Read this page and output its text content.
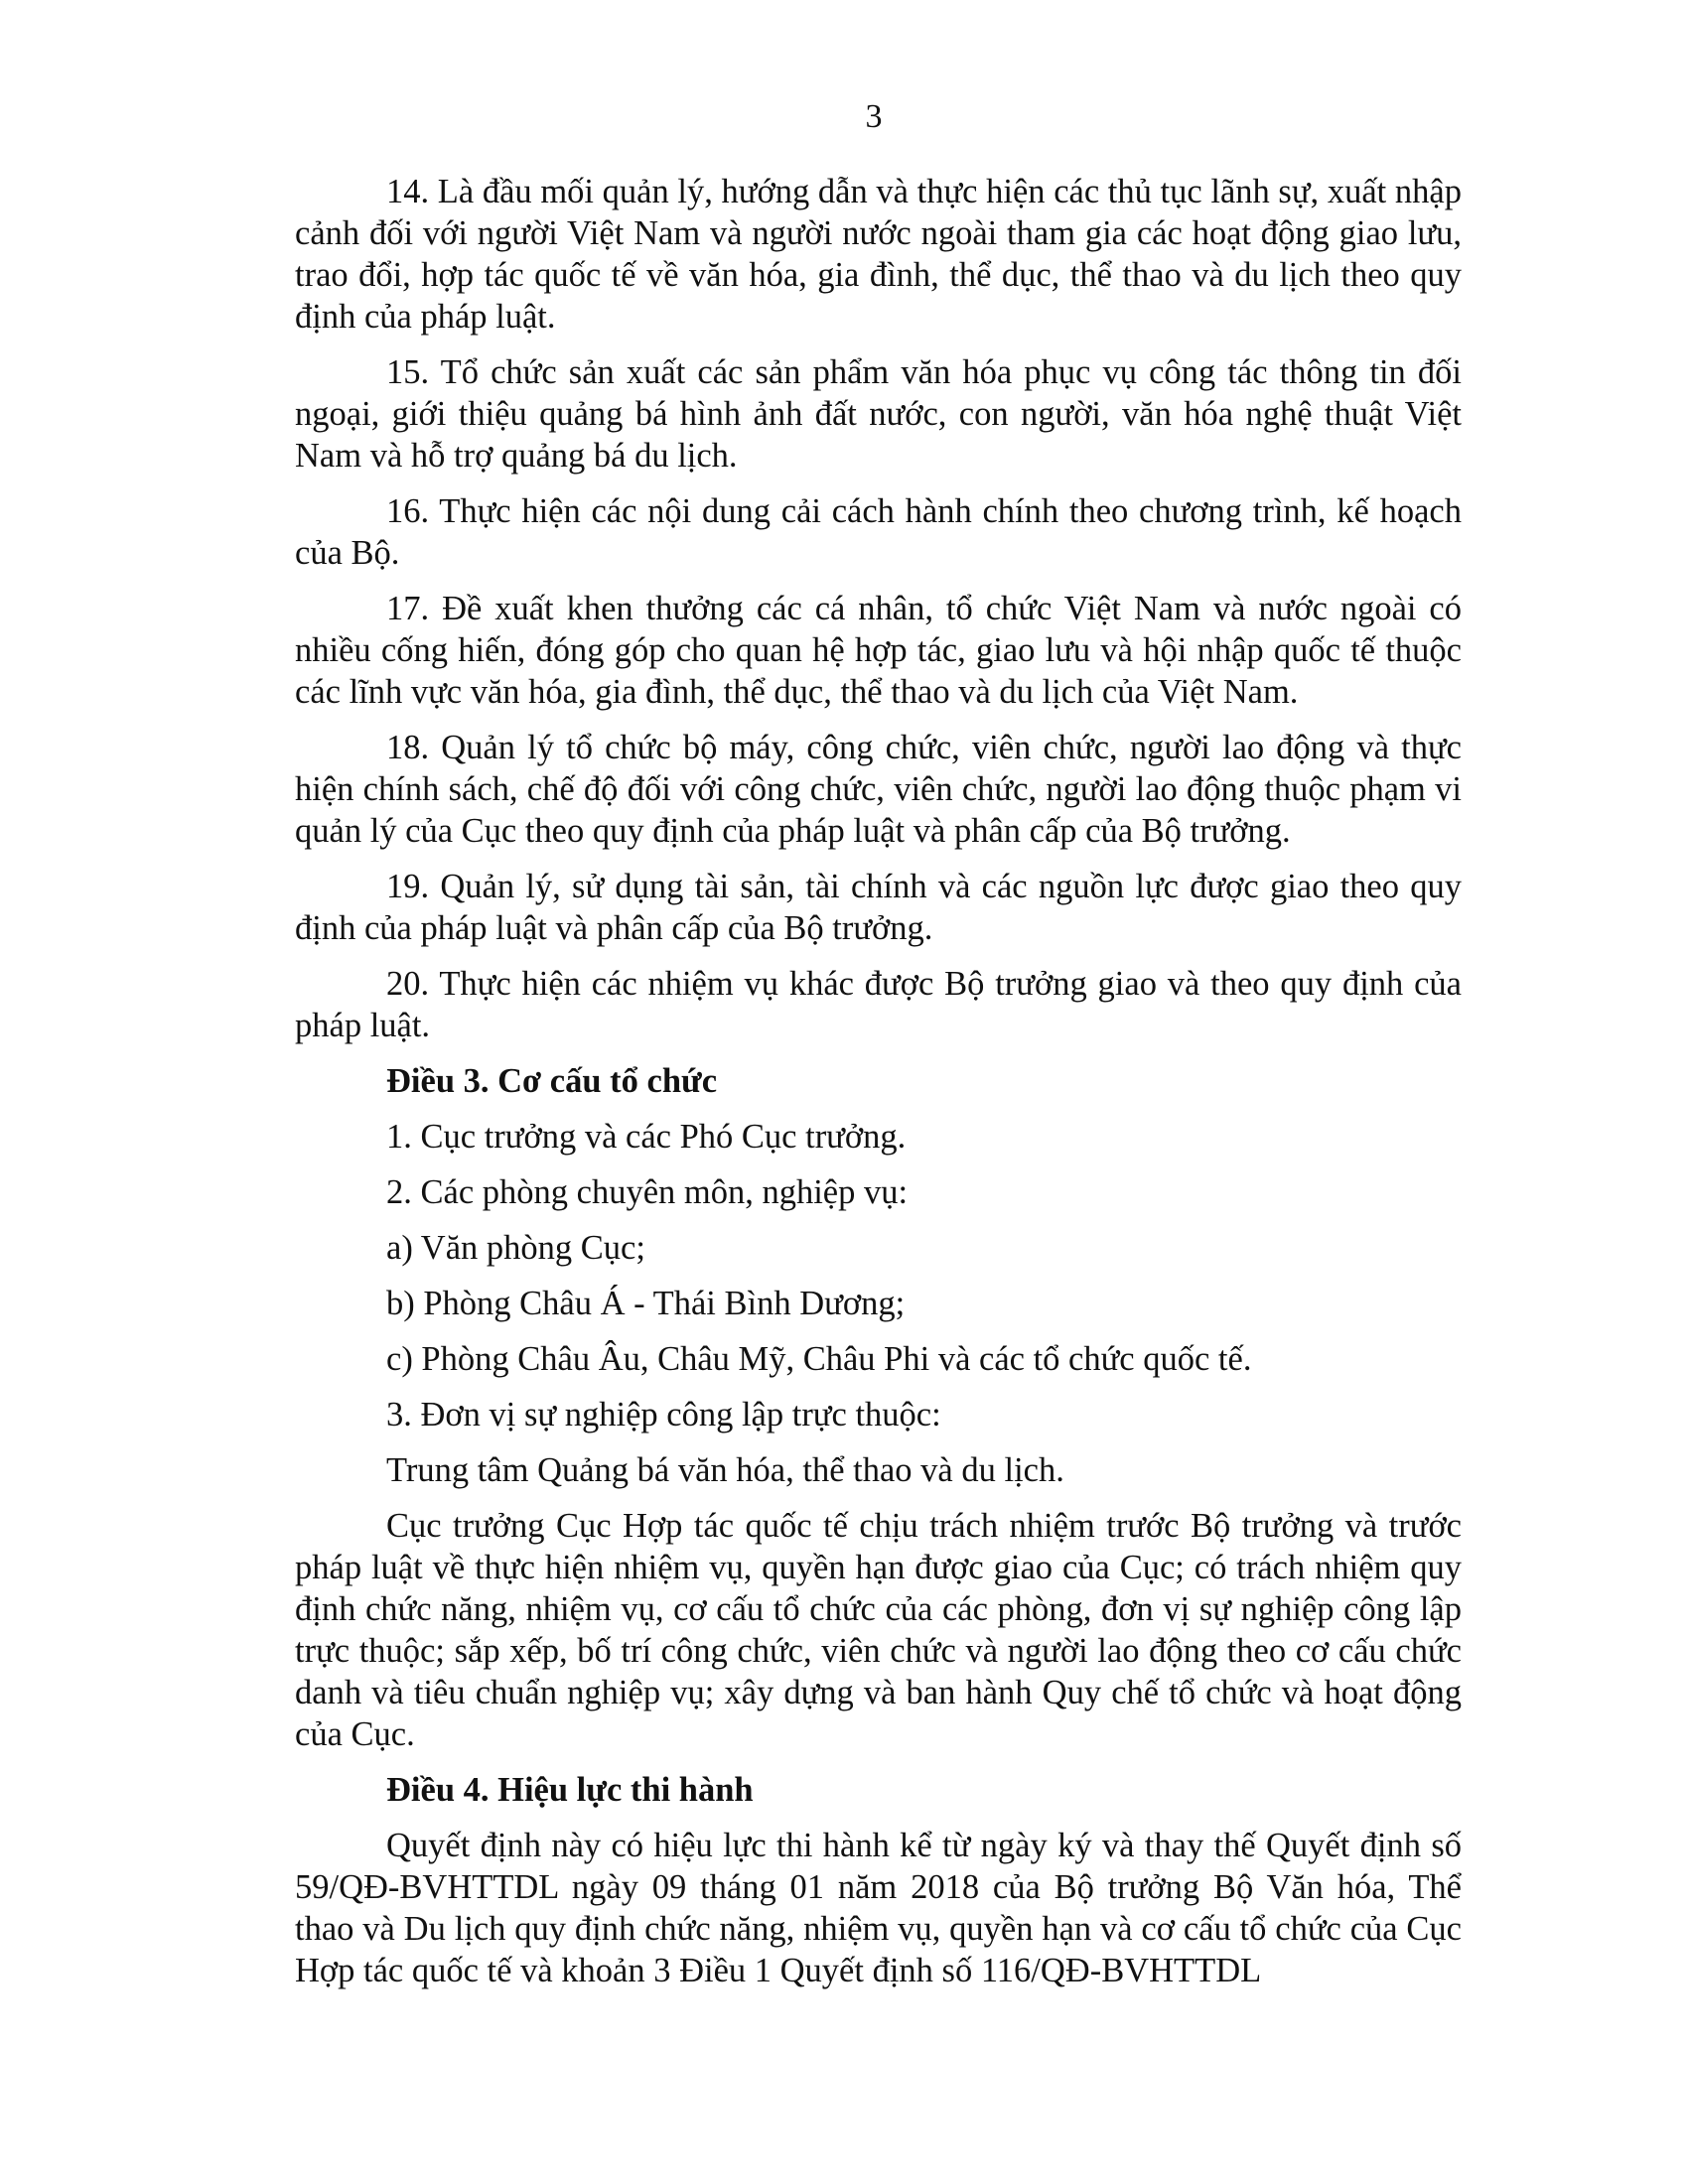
3

14. Là đầu mối quản lý, hướng dẫn và thực hiện các thủ tục lãnh sự, xuất nhập cảnh đối với người Việt Nam và người nước ngoài tham gia các hoạt động giao lưu, trao đổi, hợp tác quốc tế về văn hóa, gia đình, thể dục, thể thao và du lịch theo quy định của pháp luật.

15. Tổ chức sản xuất các sản phẩm văn hóa phục vụ công tác thông tin đối ngoại, giới thiệu quảng bá hình ảnh đất nước, con người, văn hóa nghệ thuật Việt Nam và hỗ trợ quảng bá du lịch.

16. Thực hiện các nội dung cải cách hành chính theo chương trình, kế hoạch của Bộ.

17. Đề xuất khen thưởng các cá nhân, tổ chức Việt Nam và nước ngoài có nhiều cống hiến, đóng góp cho quan hệ hợp tác, giao lưu và hội nhập quốc tế thuộc các lĩnh vực văn hóa, gia đình, thể dục, thể thao và du lịch của Việt Nam.

18. Quản lý tổ chức bộ máy, công chức, viên chức, người lao động và thực hiện chính sách, chế độ đối với công chức, viên chức, người lao động thuộc phạm vi quản lý của Cục theo quy định của pháp luật và phân cấp của Bộ trưởng.

19. Quản lý, sử dụng tài sản, tài chính và các nguồn lực được giao theo quy định của pháp luật và phân cấp của Bộ trưởng.

20. Thực hiện các nhiệm vụ khác được Bộ trưởng giao và theo quy định của pháp luật.

Điều 3. Cơ cấu tổ chức
1. Cục trưởng và các Phó Cục trưởng.
2. Các phòng chuyên môn, nghiệp vụ:
a) Văn phòng Cục;
b) Phòng Châu Á - Thái Bình Dương;
c) Phòng Châu Âu, Châu Mỹ, Châu Phi và các tổ chức quốc tế.
3. Đơn vị sự nghiệp công lập trực thuộc:
Trung tâm Quảng bá văn hóa, thể thao và du lịch.

Cục trưởng Cục Hợp tác quốc tế chịu trách nhiệm trước Bộ trưởng và trước pháp luật về thực hiện nhiệm vụ, quyền hạn được giao của Cục; có trách nhiệm quy định chức năng, nhiệm vụ, cơ cấu tổ chức của các phòng, đơn vị sự nghiệp công lập trực thuộc; sắp xếp, bố trí công chức, viên chức và người lao động theo cơ cấu chức danh và tiêu chuẩn nghiệp vụ; xây dựng và ban hành Quy chế tổ chức và hoạt động của Cục.

Điều 4. Hiệu lực thi hành

Quyết định này có hiệu lực thi hành kể từ ngày ký và thay thế Quyết định số 59/QĐ-BVHTTDL ngày 09 tháng 01 năm 2018 của Bộ trưởng Bộ Văn hóa, Thể thao và Du lịch quy định chức năng, nhiệm vụ, quyền hạn và cơ cấu tổ chức của Cục Hợp tác quốc tế và khoản 3 Điều 1 Quyết định số 116/QĐ-BVHTTDL
